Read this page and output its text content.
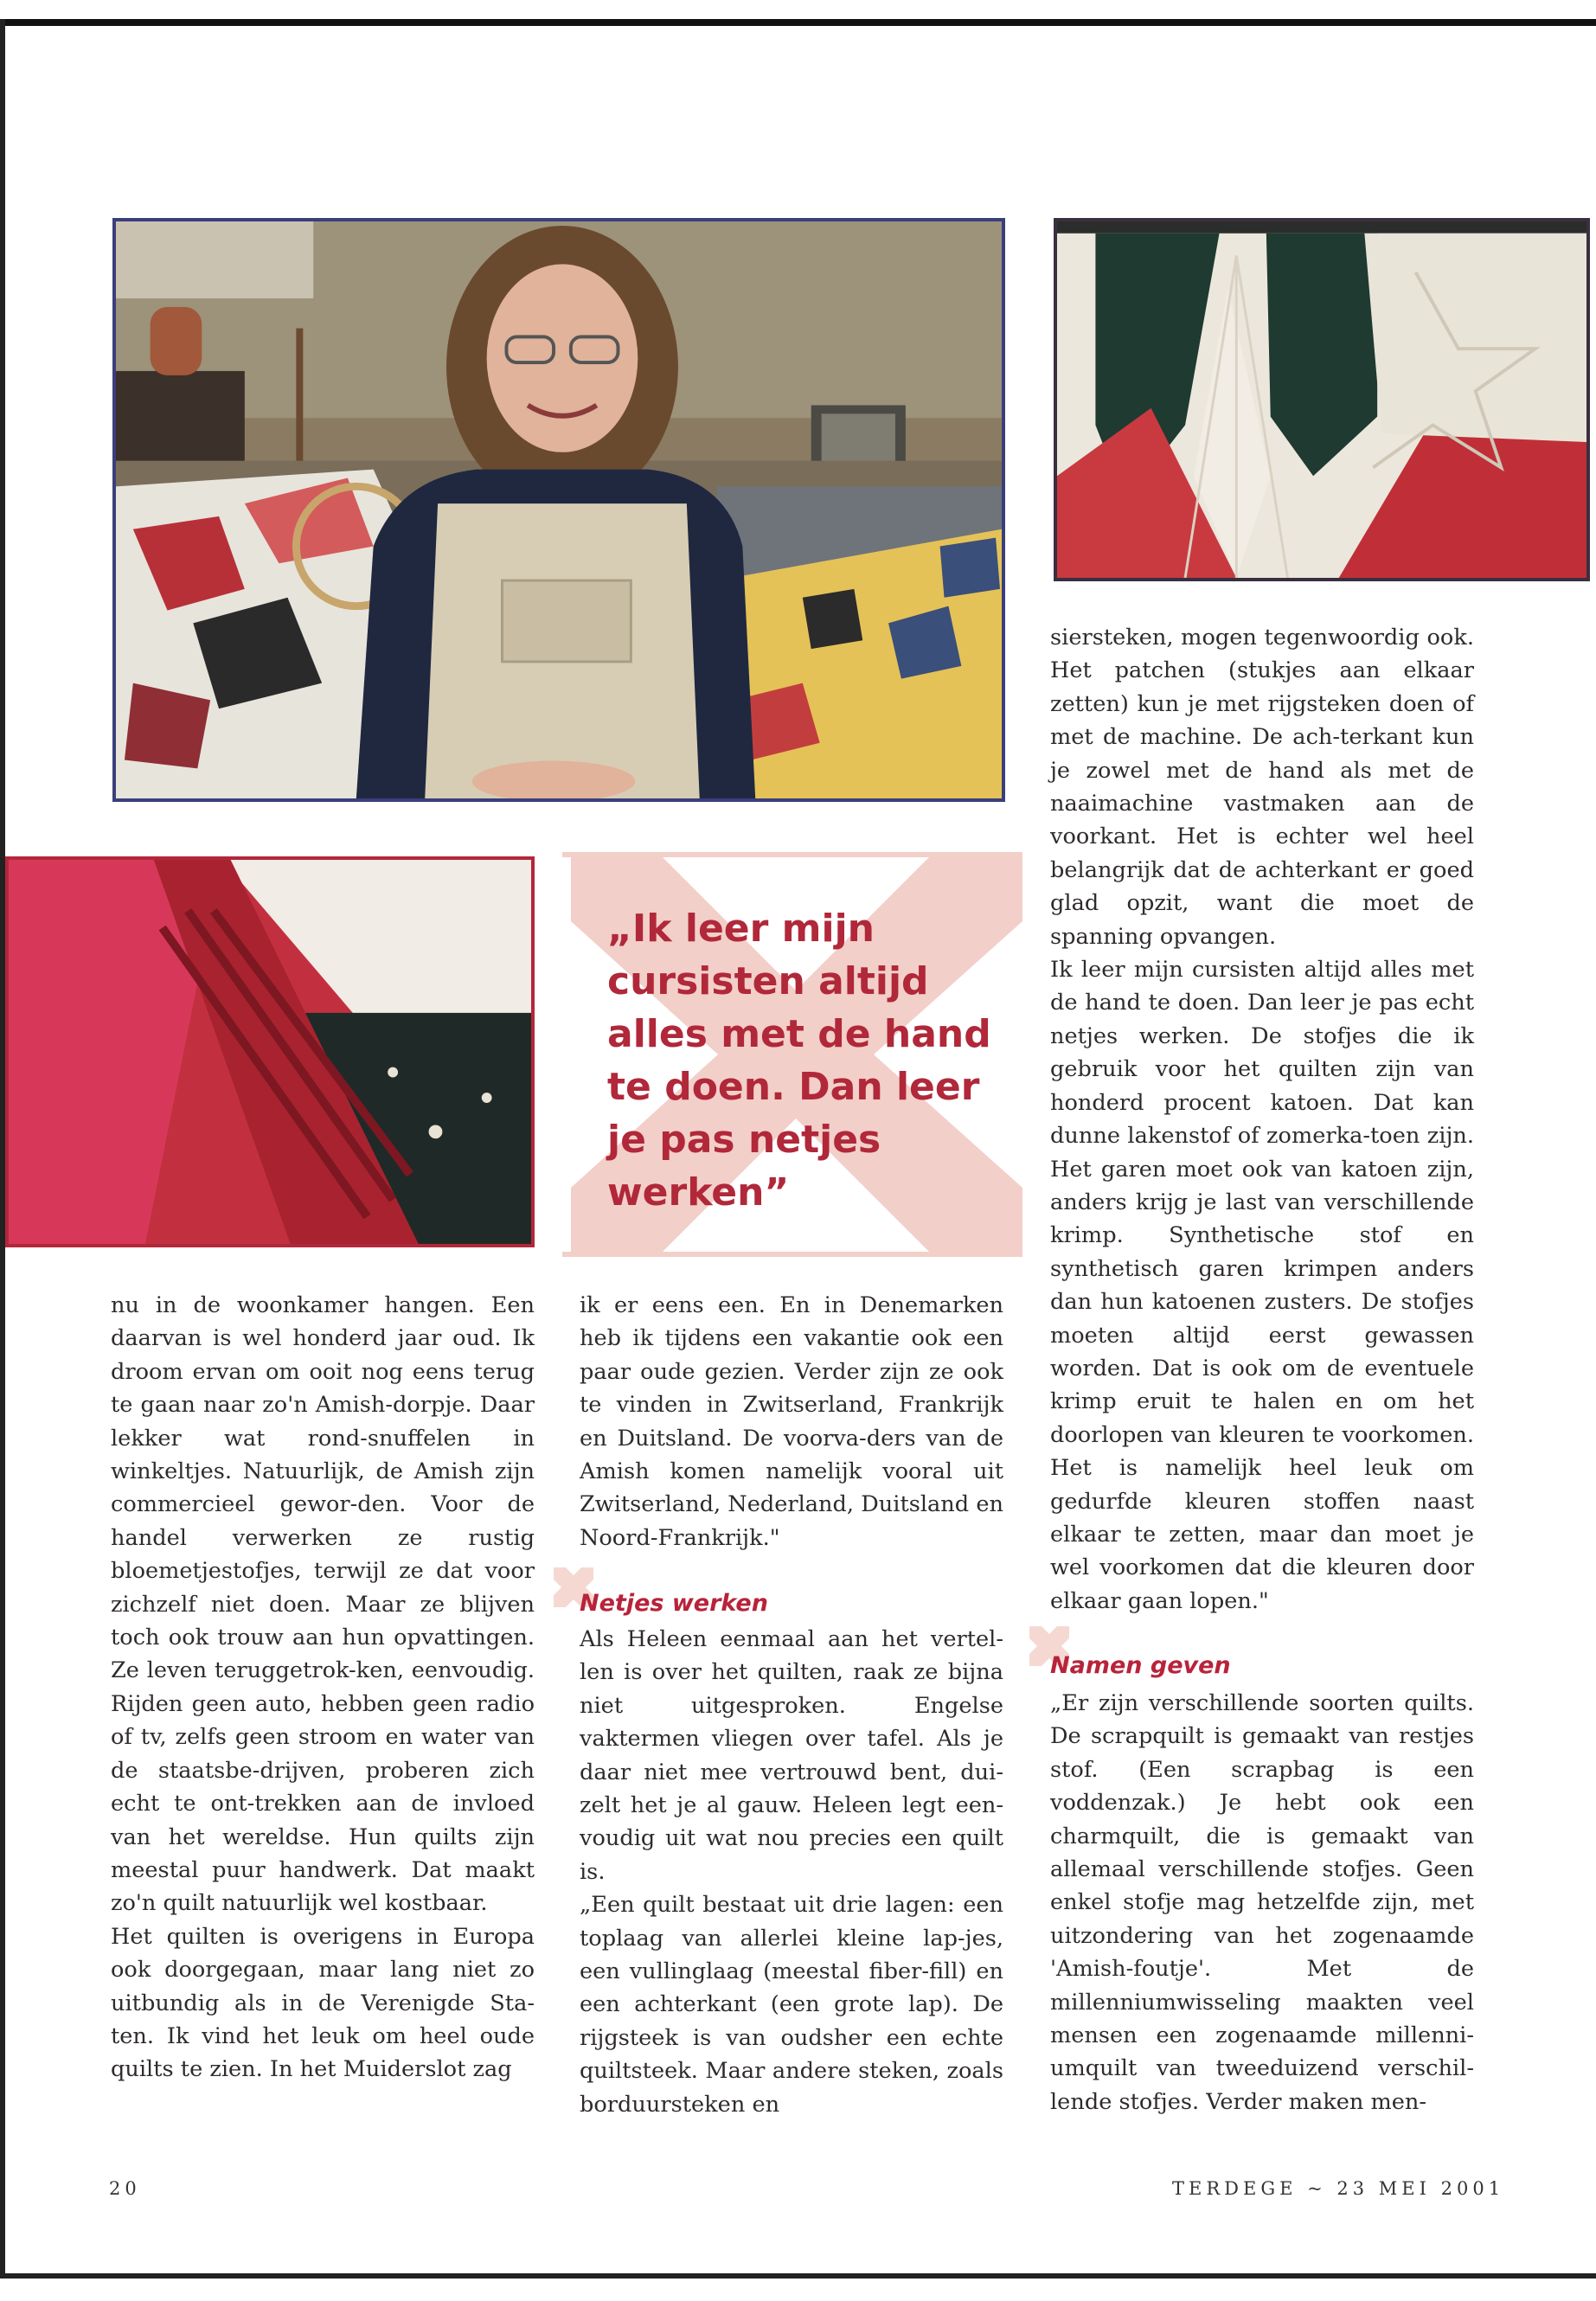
„Ik leer mijn cursisten altijd alles met de hand te doen. Dan leer je pas netjes werken”

nu in de woonkamer hangen. Een daarvan is wel honderd jaar oud. Ik droom ervan om ooit nog eens terug te gaan naar zo'n Amish-dorpje. Daar lekker wat rond-snuffelen in winkeltjes. Natuurlijk, de Amish zijn commercieel gewor-den. Voor de handel verwerken ze rustig bloemetjestofjes, terwijl ze dat voor zichzelf niet doen. Maar ze blijven toch ook trouw aan hun opvattingen. Ze leven teruggetrok-ken, eenvoudig. Rijden geen auto, hebben geen radio of tv, zelfs geen stroom en water van de staatsbe-drijven, proberen zich echt te ont-trekken aan de invloed van het wereldse. Hun quilts zijn meestal puur handwerk. Dat maakt zo'n quilt natuurlijk wel kostbaar.

Het quilten is overigens in Europa ook doorgegaan, maar lang niet zo uitbundig als in de Verenigde Sta-ten. Ik vind het leuk om heel oude quilts te zien. In het Muiderslot zag

ik er eens een. En in Denemarken heb ik tijdens een vakantie ook een paar oude gezien. Verder zijn ze ook te vinden in Zwitserland, Frankrijk en Duitsland. De voorva-ders van de Amish komen namelijk vooral uit Zwitserland, Nederland, Duitsland en Noord-Frankrijk."

Netjes werken

Als Heleen eenmaal aan het vertel-len is over het quilten, raak ze bijna niet uitgesproken. Engelse vaktermen vliegen over tafel. Als je daar niet mee vertrouwd bent, dui-zelt het je al gauw. Heleen legt een-voudig uit wat nou precies een quilt is.

„Een quilt bestaat uit drie lagen: een toplaag van allerlei kleine lap-jes, een vullinglaag (meestal fiber-fill) en een achterkant (een grote lap). De rijgsteek is van oudsher een echte quiltsteek. Maar andere steken, zoals borduursteken en

siersteken, mogen tegenwoordig ook. Het patchen (stukjes aan elkaar zetten) kun je met rijgsteken doen of met de machine. De ach-terkant kun je zowel met de hand als met de naaimachine vastmaken aan de voorkant. Het is echter wel heel belangrijk dat de achterkant er goed glad opzit, want die moet de spanning opvangen.

Ik leer mijn cursisten altijd alles met de hand te doen. Dan leer je pas echt netjes werken. De stofjes die ik gebruik voor het quilten zijn van honderd procent katoen. Dat kan dunne lakenstof of zomerka-toen zijn. Het garen moet ook van katoen zijn, anders krijg je last van verschillende krimp. Synthetische stof en synthetisch garen krimpen anders dan hun katoenen zusters. De stofjes moeten altijd eerst gewassen worden. Dat is ook om de eventuele krimp eruit te halen en om het doorlopen van kleuren te voorkomen. Het is namelijk heel leuk om gedurfde kleuren stoffen naast elkaar te zetten, maar dan moet je wel voorkomen dat die kleuren door elkaar gaan lopen."

Namen geven

„Er zijn verschillende soorten quilts. De scrapquilt is gemaakt van restjes stof. (Een scrapbag is een voddenzak.) Je hebt ook een charmquilt, die is gemaakt van allemaal verschillende stofjes. Geen enkel stofje mag hetzelfde zijn, met uitzondering van het zogenaamde 'Amish-foutje'. Met de millenniumwisseling maakten veel mensen een zogenaamde millenni-umquilt van tweeduizend verschil-lende stofjes. Verder maken men-

20	TERDEGE ~ 23 MEI 2001
